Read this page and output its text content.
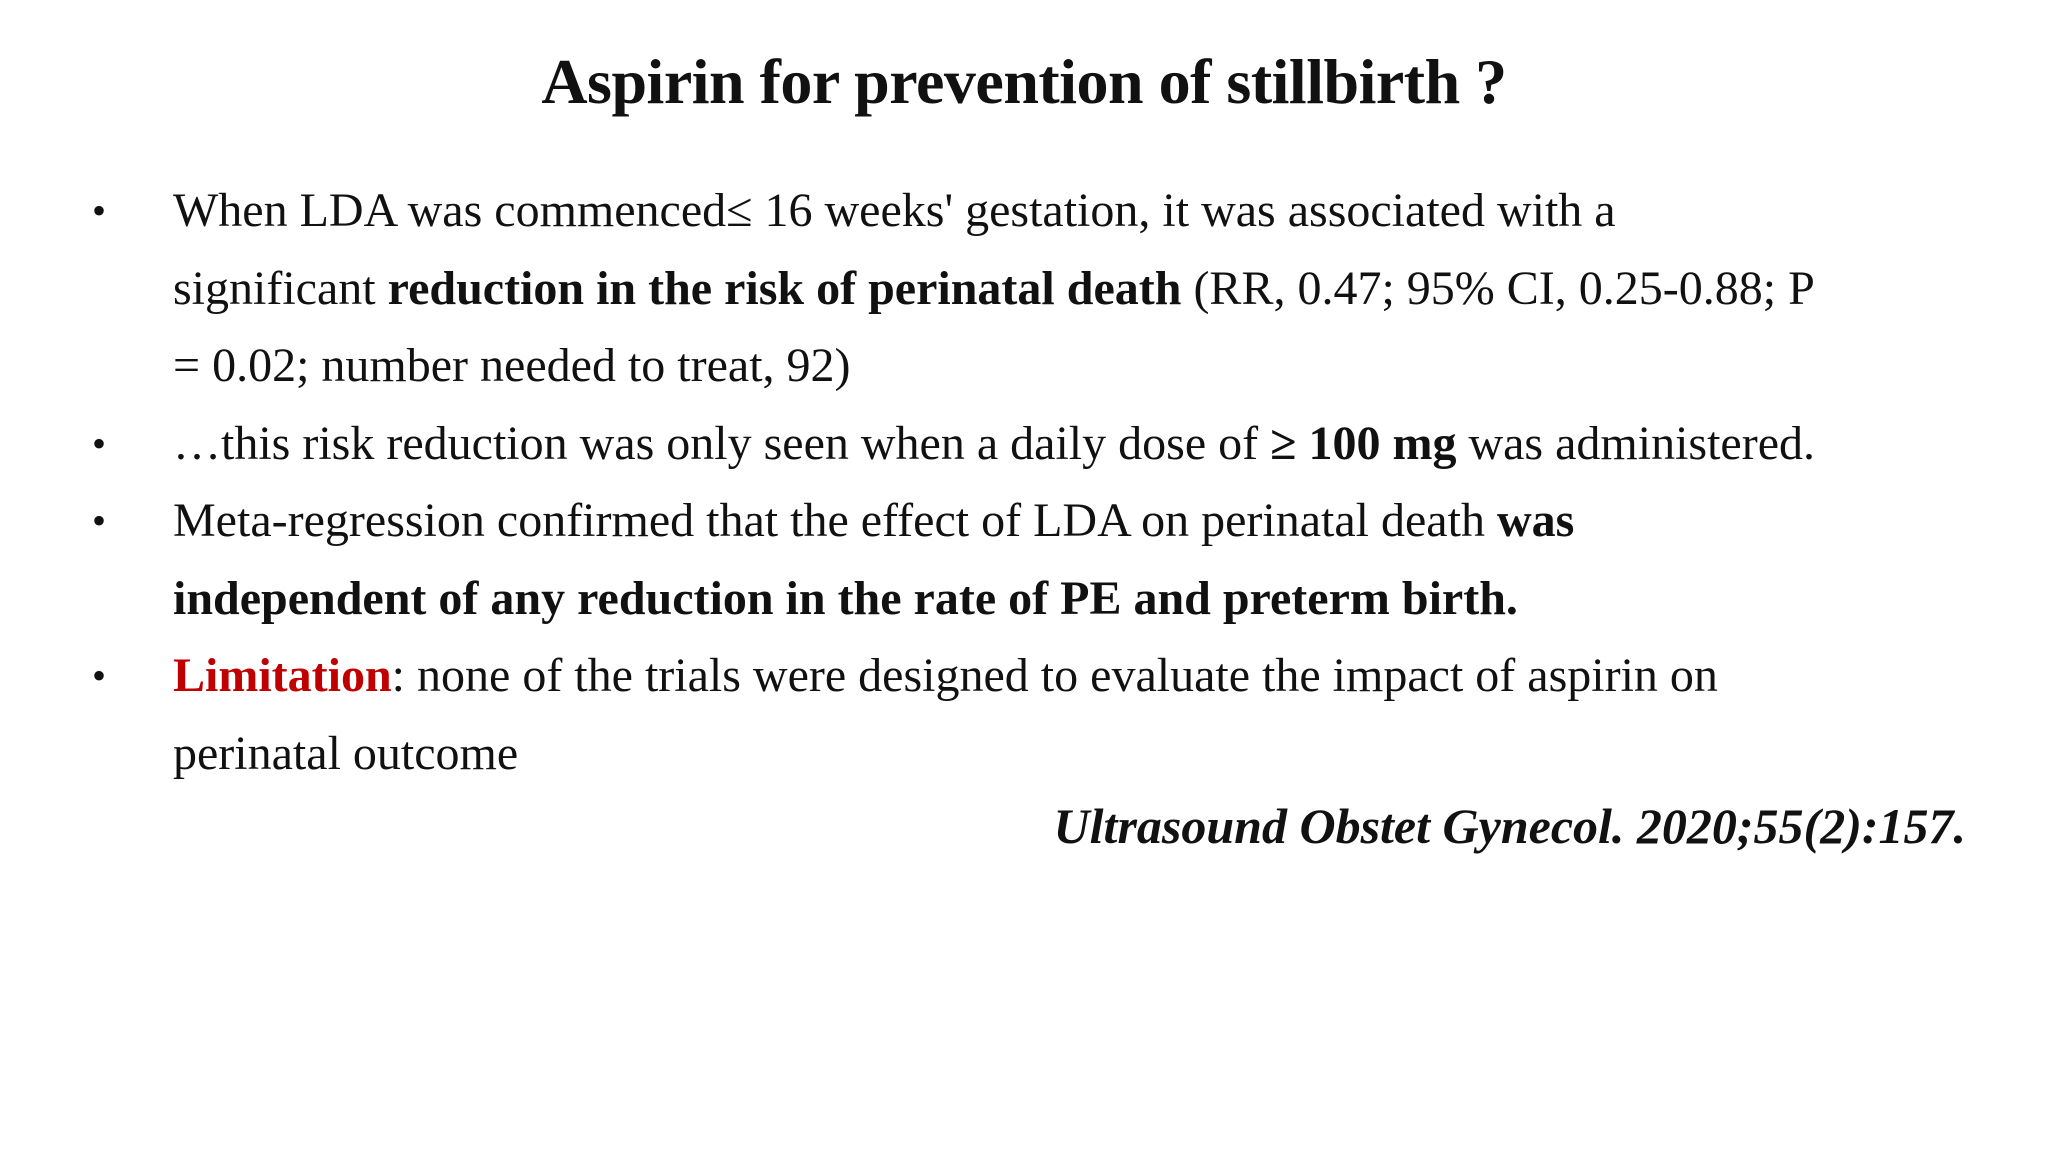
Aspirin for prevention of stillbirth ?
• When LDA was commenced≤ 16 weeks' gestation, it was associated with a significant reduction in the risk of perinatal death (RR, 0.47; 95% CI, 0.25-0.88; P = 0.02; number needed to treat, 92)
• …this risk reduction was only seen when a daily dose of ≥ 100 mg was administered.
• Meta-regression confirmed that the effect of LDA on perinatal death was independent of any reduction in the rate of PE and preterm birth.
• Limitation: none of the trials were designed to evaluate the impact of aspirin on perinatal outcome
Ultrasound Obstet Gynecol. 2020;55(2):157.
